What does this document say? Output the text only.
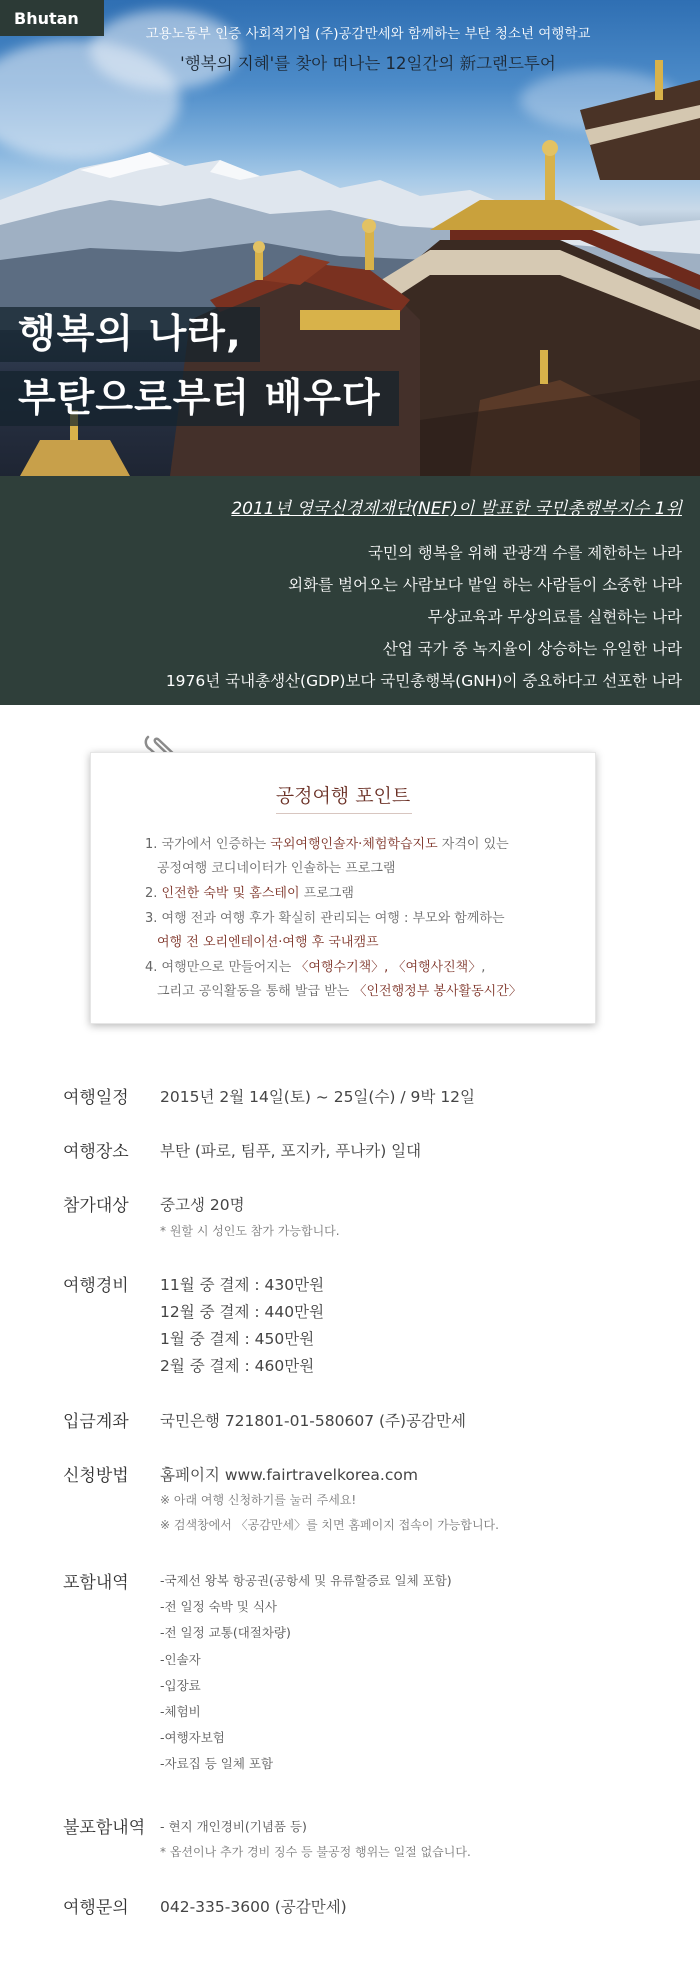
Bhutan
고용노동부 인증 사회적기업 (주)공감만세와 함께하는 부탄 청소년 여행학교
'행복의 지혜'를 찾아 떠나는 12일간의 新그랜드투어
행복의 나라,
부탄으로부터 배우다
2011년 영국신경제재단(NEF)이 발표한 국민총행복지수 1위
국민의 행복을 위해 관광객 수를 제한하는 나라
외화를 벌어오는 사람보다 밭일 하는 사람들이 소중한 나라
무상교육과 무상의료를 실현하는 나라
산업 국가 중 녹지율이 상승하는 유일한 나라
1976년 국내총생산(GDP)보다 국민총행복(GNH)이 중요하다고 선포한 나라
공정여행 포인트
1. 국가에서 인증하는 국외여행인솔자·체험학습지도 자격이 있는
공정여행 코디네이터가 인솔하는 프로그램
2. 인전한 숙박 및 홈스테이 프로그램
3. 여행 전과 여행 후가 확실히 관리되는 여행 : 부모와 함께하는
여행 전 오리엔테이션·여행 후 국내캠프
4. 여행만으로 만들어지는 〈여행수기책〉, 〈여행사진책〉,
그리고 공익활동을 통해 발급 받는 〈인전행정부 봉사활동시간〉
여행일정 2015년 2월 14일(토) ~ 25일(수) / 9박 12일
여행장소 부탄 (파로, 팀푸, 포지카, 푸나카) 일대
참가대상 중고생 20명
* 원할 시 성인도 참가 가능합니다.
여행경비 11월 중 결제 : 430만원
12월 중 결제 : 440만원
1월 중 결제 : 450만원
2월 중 결제 : 460만원
입금계좌 국민은행 721801-01-580607 (주)공감만세
신청방법 홈페이지 www.fairtravelkorea.com
※ 아래 여행 신청하기를 눌러 주세요!
※ 검색창에서 〈공감만세〉를 치면 홈페이지 접속이 가능합니다.
포함내역	-국제선 왕복 항공권(공항세 및 유류할증료 일체 포함)
-전 일정 숙박 및 식사
-전 일정 교통(대절차량)
-인솔자
-입장료
-체험비
-여행자보험
-자료집 등 일체 포함
불포함내역 - 현지 개인경비(기념품 등)
* 옵션이나 추가 경비 징수 등 불공정 행위는 일절 없습니다.
여행문의 042-335-3600 (공감만세)
